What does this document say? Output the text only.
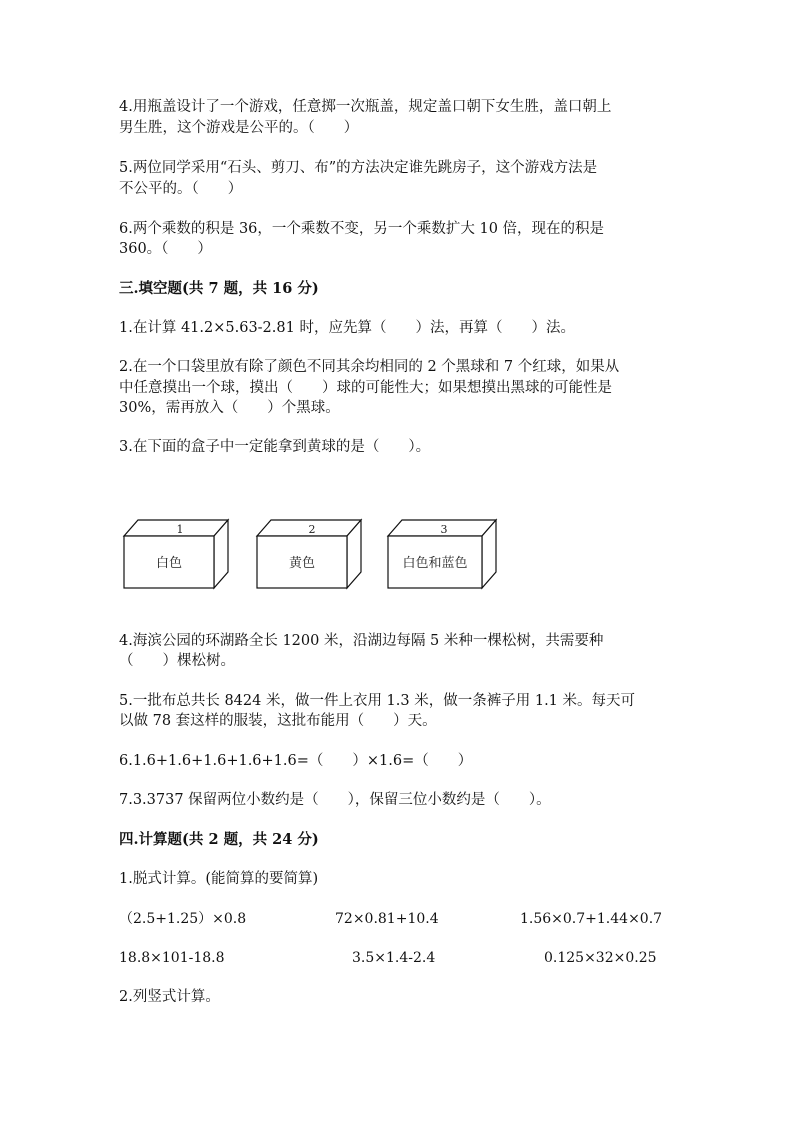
4.用瓶盖设计了一个游戏，任意掷一次瓶盖，规定盖口朝下女生胜，盖口朝上
男生胜，这个游戏是公平的。（　　）
5.两位同学采用“石头、剪刀、布”的方法决定谁先跳房子，这个游戏方法是
不公平的。（　　）
6.两个乘数的积是 36，一个乘数不变，另一个乘数扩大 10 倍，现在的积是
360。（　　）
三.填空题(共 7 题，共 16 分)
1.在计算 41.2×5.63-2.81 时，应先算（　　）法，再算（　　）法。
2.在一个口袋里放有除了颜色不同其余均相同的 2 个黑球和 7 个红球，如果从
中任意摸出一个球，摸出（　　）球的可能性大；如果想摸出黑球的可能性是
30%，需再放入（　　）个黑球。
3.在下面的盒子中一定能拿到黄球的是（　　）。
1
白色
2
黄色
3
白色和蓝色
4.海滨公园的环湖路全长 1200 米，沿湖边每隔 5 米种一棵松树，共需要种
（　　）棵松树。
5.一批布总共长 8424 米，做一件上衣用 1.3 米，做一条裤子用 1.1 米。每天可
以做 78 套这样的服装，这批布能用（　　）天。
6.1.6+1.6+1.6+1.6+1.6=（　　）×1.6=（　　）
7.3.3737 保留两位小数约是（　　），保留三位小数约是（　　）。
四.计算题(共 2 题，共 24 分)
1.脱式计算。(能简算的要简算)
（2.5+1.25）×0.8	72×0.81+10.4	1.56×0.7+1.44×0.7
18.8×101-18.8	3.5×1.4-2.4	0.125×32×0.25
2.列竖式计算。
